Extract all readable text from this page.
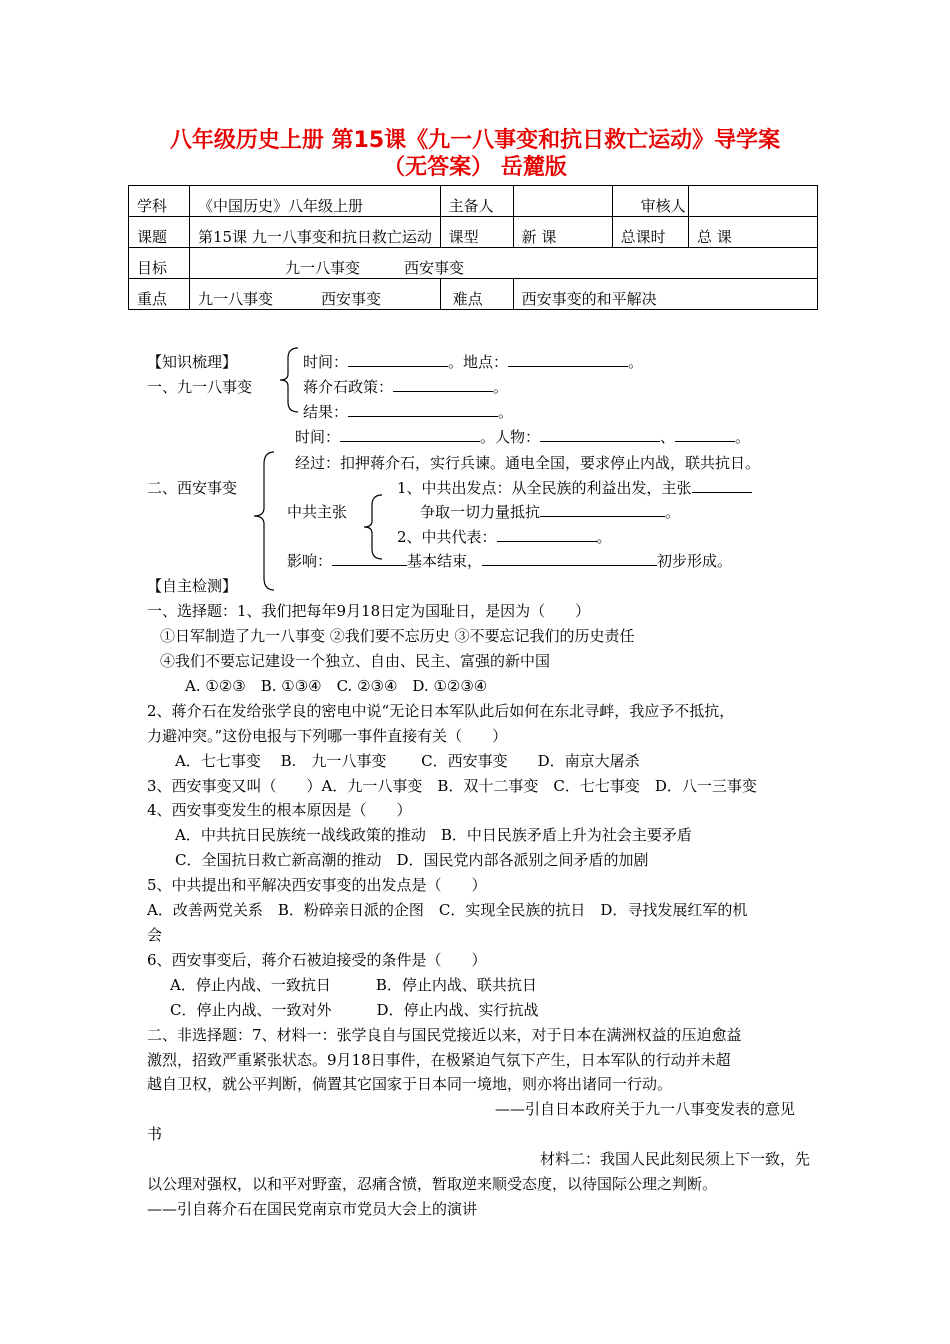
八年级历史上册 第15课《九一八事变和抗日救亡运动》导学案
（无答案） 岳麓版
学科	《中国历史》八年级上册	主备人		审核人	
课题	第15课 九一八事变和抗日救亡运动	课型	新 课	总课时	总 课
目标	九一八事变 西安事变				
重点	九一八事变 西安事变	难点	西安事变的和平解决		
【知识梳理】
一、九一八事变
时间：	。地点：	。
蒋介石政策：	。
结果：	。
时间：	。人物：	、	。
经过：扣押蒋介石，实行兵谏。通电全国，要求停止内战，联共抗日。
二、西安事变	1、中共出发点：从全民族的利益出发，主张
中共主张	争取一切力量抵抗	。
2、中共代表：	。
影响：	基本结束，	初步形成。
【自主检测】
一、选择题：1、我们把每年9月18日定为国耻日，是因为（　　）
①日军制造了九一八事变 ②我们要不忘历史 ③不要忘记我们的历史责任
④我们不要忘记建设一个独立、自由、民主、富强的新中国
A. ①②③　B. ①③④　C. ②③④　D. ①②③④
2、蒋介石在发给张学良的密电中说“无论日本军队此后如何在东北寻衅，我应予不抵抗，
力避冲突。”这份电报与下列哪一事件直接有关（　　）
A．七七事变　 B.　九一八事变　　 C．西安事变　　D．南京大屠杀
3、西安事变又叫（　　）A．九一八事变　B．双十二事变　C．七七事变　D．八一三事变
4、西安事变发生的根本原因是（　　）
A．中共抗日民族统一战线政策的推动　B．中日民族矛盾上升为社会主要矛盾
C．全国抗日救亡新高潮的推动　D．国民党内部各派别之间矛盾的加剧
5、中共提出和平解决西安事变的出发点是（　　）
A．改善两党关系　B．粉碎亲日派的企图　C．实现全民族的抗日　D．寻找发展红军的机
会
6、西安事变后，蒋介石被迫接受的条件是（　　）
A．停止内战、一致抗日　　　B．停止内战、联共抗日
C．停止内战、一致对外　　　D．停止内战、实行抗战
二、非选择题：7、材料一：张学良自与国民党接近以来，对于日本在满洲权益的压迫愈益
激烈，招致严重紧张状态。9月18日事件，在极紧迫气氛下产生，日本军队的行动并未超
越自卫权，就公平判断，倘置其它国家于日本同一境地，则亦将出诸同一行动。
——引自日本政府关于九一八事变发表的意见
书
材料二：我国人民此刻民须上下一致，先
以公理对强权，以和平对野蛮，忍痛含愤，暂取逆来顺受态度，以待国际公理之判断。
——引自蒋介石在国民党南京市党员大会上的演讲
